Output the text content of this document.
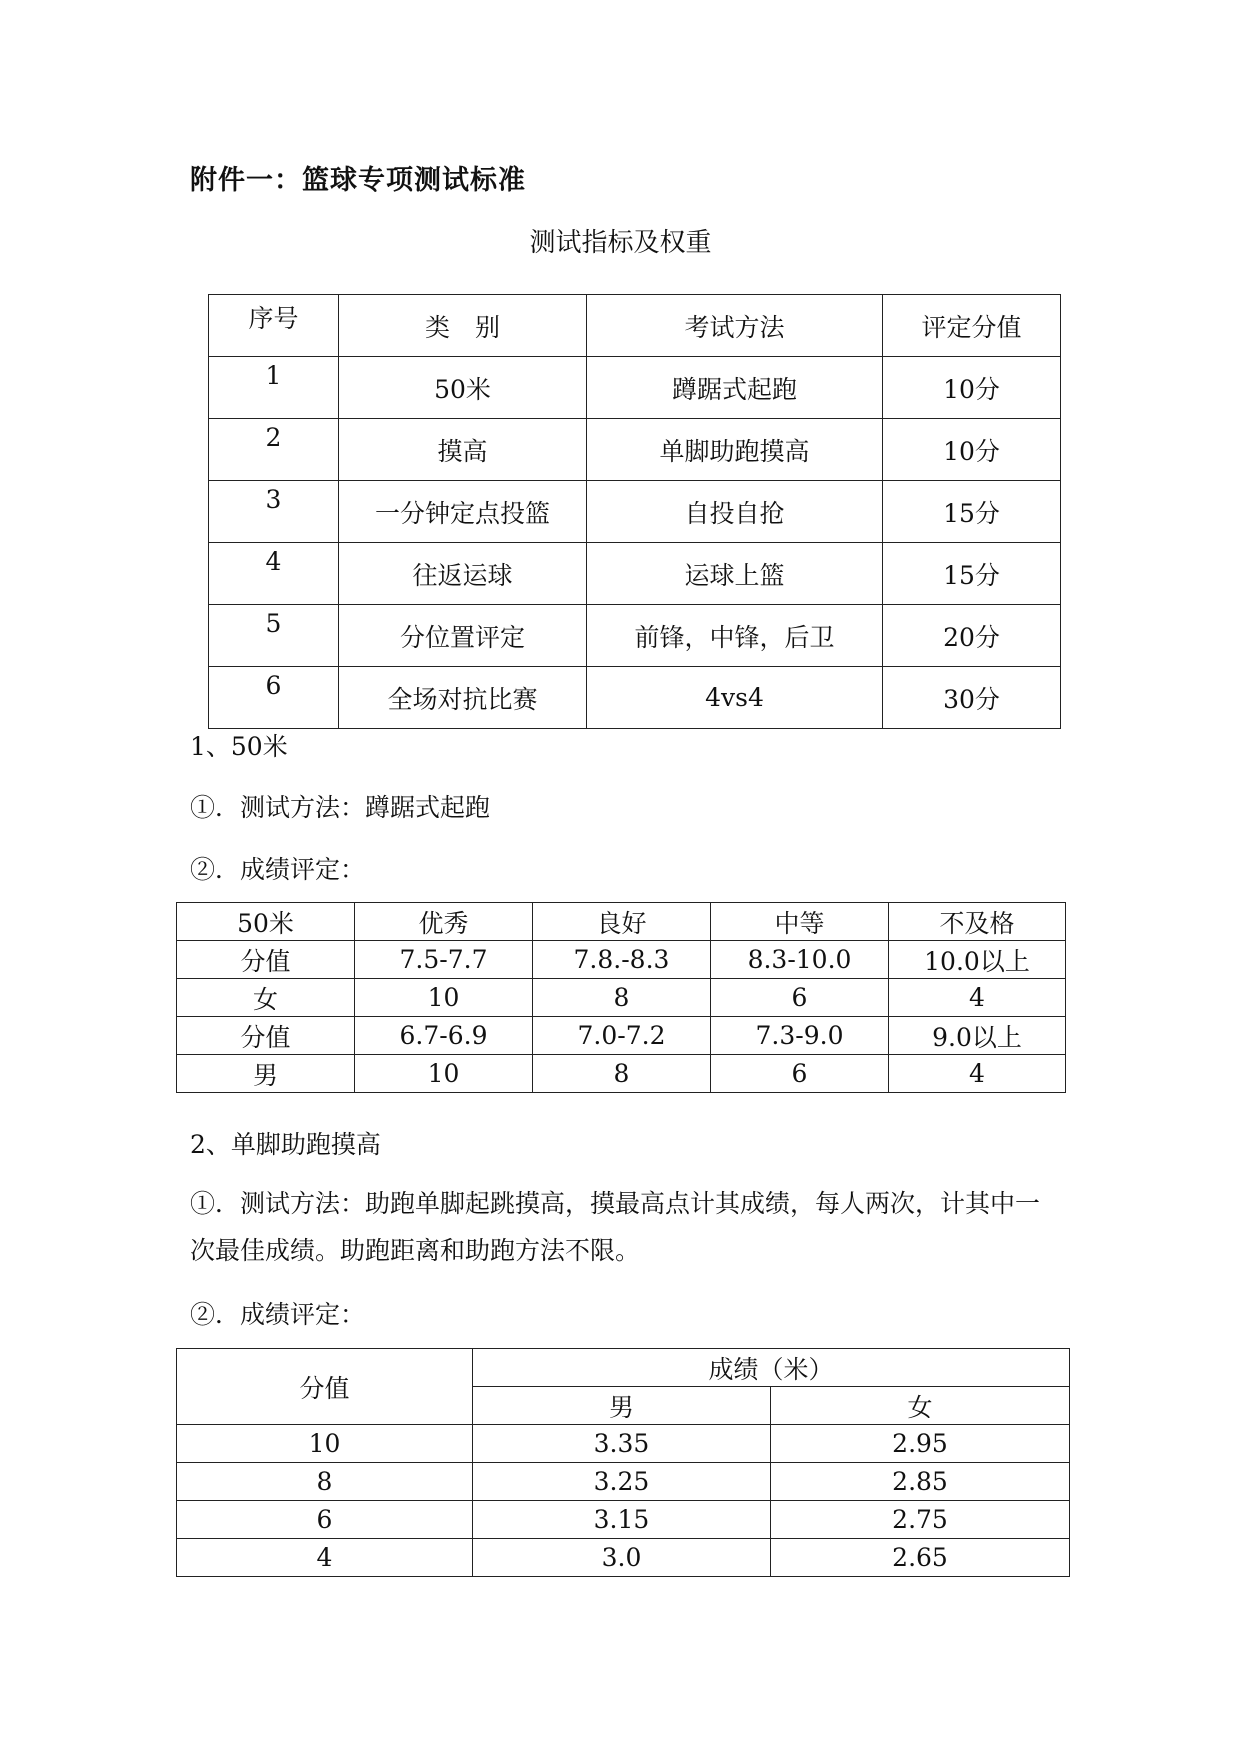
附件一：篮球专项测试标准
测试指标及权重
序号	类　别	考试方法	评定分值
1	50米	蹲踞式起跑	10分
2	摸高	单脚助跑摸高	10分
3	一分钟定点投篮	自投自抢	15分
4	往返运球	运球上篮	15分
5	分位置评定	前锋，中锋，后卫	20分
6	全场对抗比赛	4vs4	30分
1、50米
①．测试方法：蹲踞式起跑
②．成绩评定：
50米	优秀	良好	中等	不及格
分值	7.5-7.7	7.8.-8.3	8.3-10.0	10.0以上
女	10	8	6	4
分值	6.7-6.9	7.0-7.2	7.3-9.0	9.0以上
男	10	8	6	4
2、单脚助跑摸高
①．测试方法：助跑单脚起跳摸高，摸最高点计其成绩，每人两次，计其中一次最佳成绩。助跑距离和助跑方法不限。
②．成绩评定：
分值	成绩（米）	
	男	女
10	3.35	2.95
8	3.25	2.85
6	3.15	2.75
4	3.0	2.65
